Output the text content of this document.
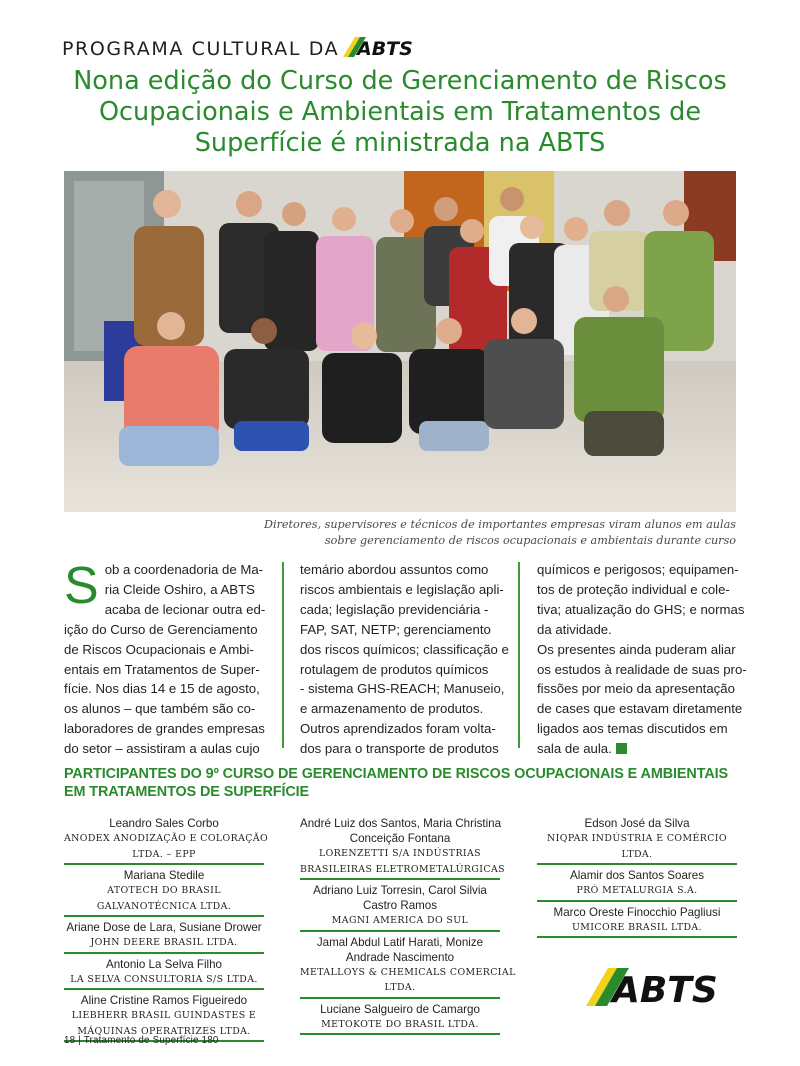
PROGRAMA CULTURAL DA ABTS
Nona edição do Curso de Gerenciamento de Riscos
Ocupacionais e Ambientais em Tratamentos de
Superfície é ministrada na ABTS
Diretores, supervisores e técnicos de importantes empresas viram alunos em aulas
sobre gerenciamento de riscos ocupacionais e ambientais durante curso
S ob a coordenadoria de Ma-
ria Cleide Oshiro, a ABTS
acaba de lecionar outra ed-
ição do Curso de Gerenciamento
de Riscos Ocupacionais e Ambi-
entais em Tratamentos de Super-
fície. Nos dias 14 e 15 de agosto,
os alunos – que também são co-
laboradores de grandes empresas
do setor – assistiram a aulas cujo
temário abordou assuntos como
riscos ambientais e legislação apli-
cada; legislação previdenciária -
FAP, SAT, NETP; gerenciamento
dos riscos químicos; classificação e
rotulagem de produtos químicos
- sistema GHS-REACH; Manuseio,
e armazenamento de produtos.
Outros aprendizados foram volta-
dos para o transporte de produtos
químicos e perigosos; equipamen-
tos de proteção individual e cole-
tiva; atualização do GHS; e normas
da atividade.
Os presentes ainda puderam aliar
os estudos à realidade de suas pro-
fissões por meio da apresentação
de cases que estavam diretamente
ligados aos temas discutidos em
sala de aula.
PARTICIPANTES DO 9º CURSO DE GERENCIAMENTO DE RISCOS OCUPACIONAIS E AMBIENTAIS
EM TRATAMENTOS DE SUPERFÍCIE
Leandro Sales Corbo
ANODEX ANODIZAÇÃO E COLORAÇÃO
LTDA. – EPP
Mariana Stedile
ATOTECH DO BRASIL
GALVANOTÉCNICA LTDA.
Ariane Dose de Lara, Susiane Drower
JOHN DEERE BRASIL LTDA.
Antonio La Selva Filho
LA SELVA CONSULTORIA S/S LTDA.
Aline Cristine Ramos Figueiredo
LIEBHERR BRASIL GUINDASTES E
MÁQUINAS OPERATRIZES LTDA.
André Luiz dos Santos, Maria Christina
Conceição Fontana
LORENZETTI S/A INDÚSTRIAS
BRASILEIRAS ELETROMETALÚRGICAS
Adriano Luiz Torresin, Carol Silvia
Castro Ramos
MAGNI AMERICA DO SUL
Jamal Abdul Latif Harati, Monize
Andrade Nascimento
METALLOYS & CHEMICALS COMERCIAL
LTDA.
Luciane Salgueiro de Camargo
METOKOTE DO BRASIL LTDA.
Edson José da Silva
NIQPAR INDÚSTRIA E COMÉRCIO
LTDA.
Alamir dos Santos Soares
PRÓ METALURGIA S.A.
Marco Oreste Finocchio Pagliusi
UMICORE BRASIL LTDA.
ABTS
18 | Tratamento de Superfície 180
